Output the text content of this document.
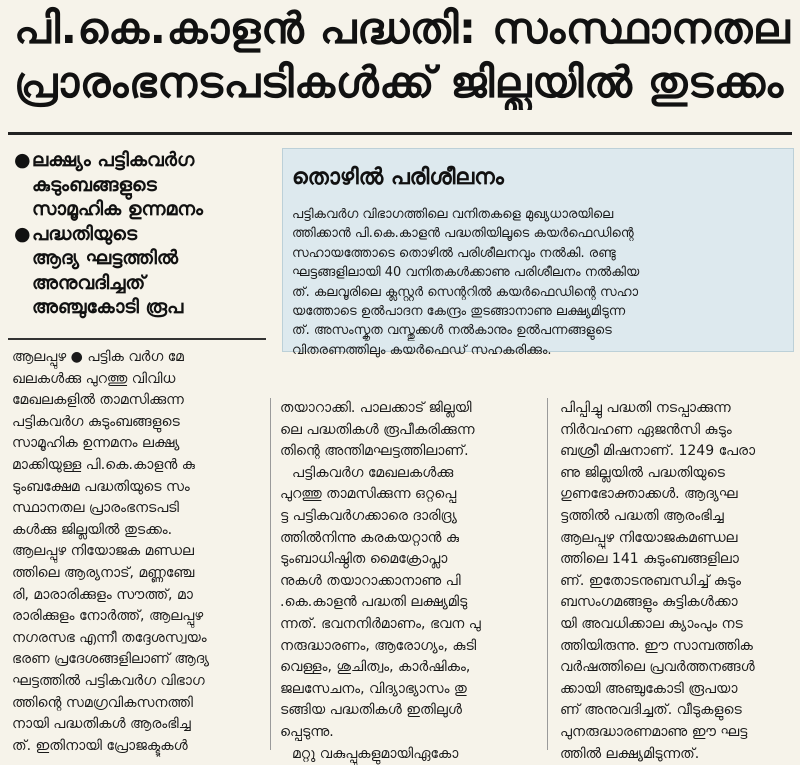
പി.കെ.കാളൻ പദ്ധതി: സംസ്ഥാനതല
പ്രാരംഭനടപടികൾക്ക് ജില്ലയിൽ തുടക്കം
● ലക്ഷ്യം പട്ടികവർഗ
കുടുംബങ്ങളുടെ
സാമൂഹിക ഉന്നമനം
● പദ്ധതിയുടെ
ആദ്യ ഘട്ടത്തിൽ
അനുവദിച്ചത്
അഞ്ചുകോടി രൂപ
തൊഴിൽ പരിശീലനം
പട്ടികവർഗ വിഭാഗത്തിലെ വനിതകളെ മുഖ്യധാരയിലെ
ത്തിക്കാൻ പി.കെ.കാളൻ പദ്ധതിയിലൂടെ കയർഫെഡിന്റെ
സഹായത്തോടെ തൊഴിൽ പരിശീലനവും നൽകി. രണ്ടു
ഘട്ടങ്ങളിലായി 40 വനിതകൾക്കാണു പരിശീലനം നൽകിയ
ത്. കലവൂരിലെ ക്ലസ്റ്റർ സെന്ററിൽ കയർഫെഡിന്റെ സഹാ
യത്തോടെ ഉൽപാദന കേന്ദ്രം തുടങ്ങാനാണു ലക്ഷ്യമിടുന്ന
ത്. അസംസ്കൃത വസ്തുക്കൾ നൽകാനും ഉൽപന്നങ്ങളുടെ
വിതരണത്തിലും കയർഫെഡ് സഹകരിക്കും.
ആലപ്പുഴ ● പട്ടിക വർഗ മേ
ഖലകൾക്കു പുറത്തു വിവിധ
മേഖലകളിൽ താമസിക്കുന്ന
പട്ടികവർഗ കുടുംബങ്ങളുടെ
സാമൂഹിക ഉന്നമനം ലക്ഷ്യ
മാക്കിയുള്ള പി.കെ.കാളൻ കു
ടുംബക്ഷേമ പദ്ധതിയുടെ സം
സ്ഥാനതല പ്രാരംഭനടപടി
കൾക്കു ജില്ലയിൽ തുടക്കം.
ആലപ്പുഴ നിയോജക മണ്ഡല
ത്തിലെ ആര്യനാട്, മണ്ണഞ്ചേ
രി, മാരാരിക്കുളം സൗത്ത്, മാ
രാരിക്കുളം നോർത്ത്, ആലപ്പുഴ
നഗരസഭ എന്നീ തദ്ദേശസ്വയം
ഭരണ പ്രദേശങ്ങളിലാണ് ആദ്യ
ഘട്ടത്തിൽ പട്ടികവർഗ വിഭാഗ
ത്തിന്റെ സമഗ്രവികസനത്തി
നായി പദ്ധതികൾ ആരംഭിച്ച
ത്. ഇതിനായി പ്രോജക്ടുകൾ
തയാറാക്കി. പാലക്കാട് ജില്ലയി
ലെ പദ്ധതികൾ രൂപീകരിക്കുന്ന
തിന്റെ അന്തിമഘട്ടത്തിലാണ്.
പട്ടികവർഗ മേഖലകൾക്കു
പുറത്തു താമസിക്കുന്ന ഒറ്റപ്പെ
ട്ട പട്ടികവർഗക്കാരെ ദാരിദ്ര്യ
ത്തിൽനിന്നു കരകയറ്റാൻ കു
ടുംബാധിഷ്ഠിത മൈക്രോപ്ലാ
നുകൾ തയാറാക്കാനാണു പി
.കെ.കാളൻ പദ്ധതി ലക്ഷ്യമിടു
ന്നത്. ഭവനനിർമാണം, ഭവന പു
നരുദ്ധാരണം, ആരോഗ്യം, കുടി
വെള്ളം, ശുചിത്വം, കാർഷികം,
ജലസേചനം, വിദ്യാഭ്യാസം തു
ടങ്ങിയ പദ്ധതികൾ ഇതിലുൾ
പ്പെടുന്നു.
മറ്റു വകുപ്പുകളുമായിഏകോ
പിപ്പിച്ചു പദ്ധതി നടപ്പാക്കുന്ന
നിർവഹണ ഏജൻസി കുടും
ബശ്രീ മിഷനാണ്. 1249 പേരാ
ണു ജില്ലയിൽ പദ്ധതിയുടെ
ഗുണഭോക്താക്കൾ. ആദ്യഘ
ട്ടത്തിൽ പദ്ധതി ആരംഭിച്ച
ആലപ്പുഴ നിയോജകമണ്ഡല
ത്തിലെ 141 കുടുംബങ്ങളിലാ
ണ്. ഇതോടനുബന്ധിച്ച് കുടും
ബസംഗമങ്ങളും കുട്ടികൾക്കാ
യി അവധിക്കാല ക്യാംപും നട
ത്തിയിരുന്നു. ഈ സാമ്പത്തിക
വർഷത്തിലെ പ്രവർത്തനങ്ങൾ
ക്കായി അഞ്ചുകോടി രൂപയാ
ണ് അനുവദിച്ചത്. വീടുകളുടെ
പുനരുദ്ധാരണമാണു ഈ ഘട്ട
ത്തിൽ ലക്ഷ്യമിടുന്നത്.
